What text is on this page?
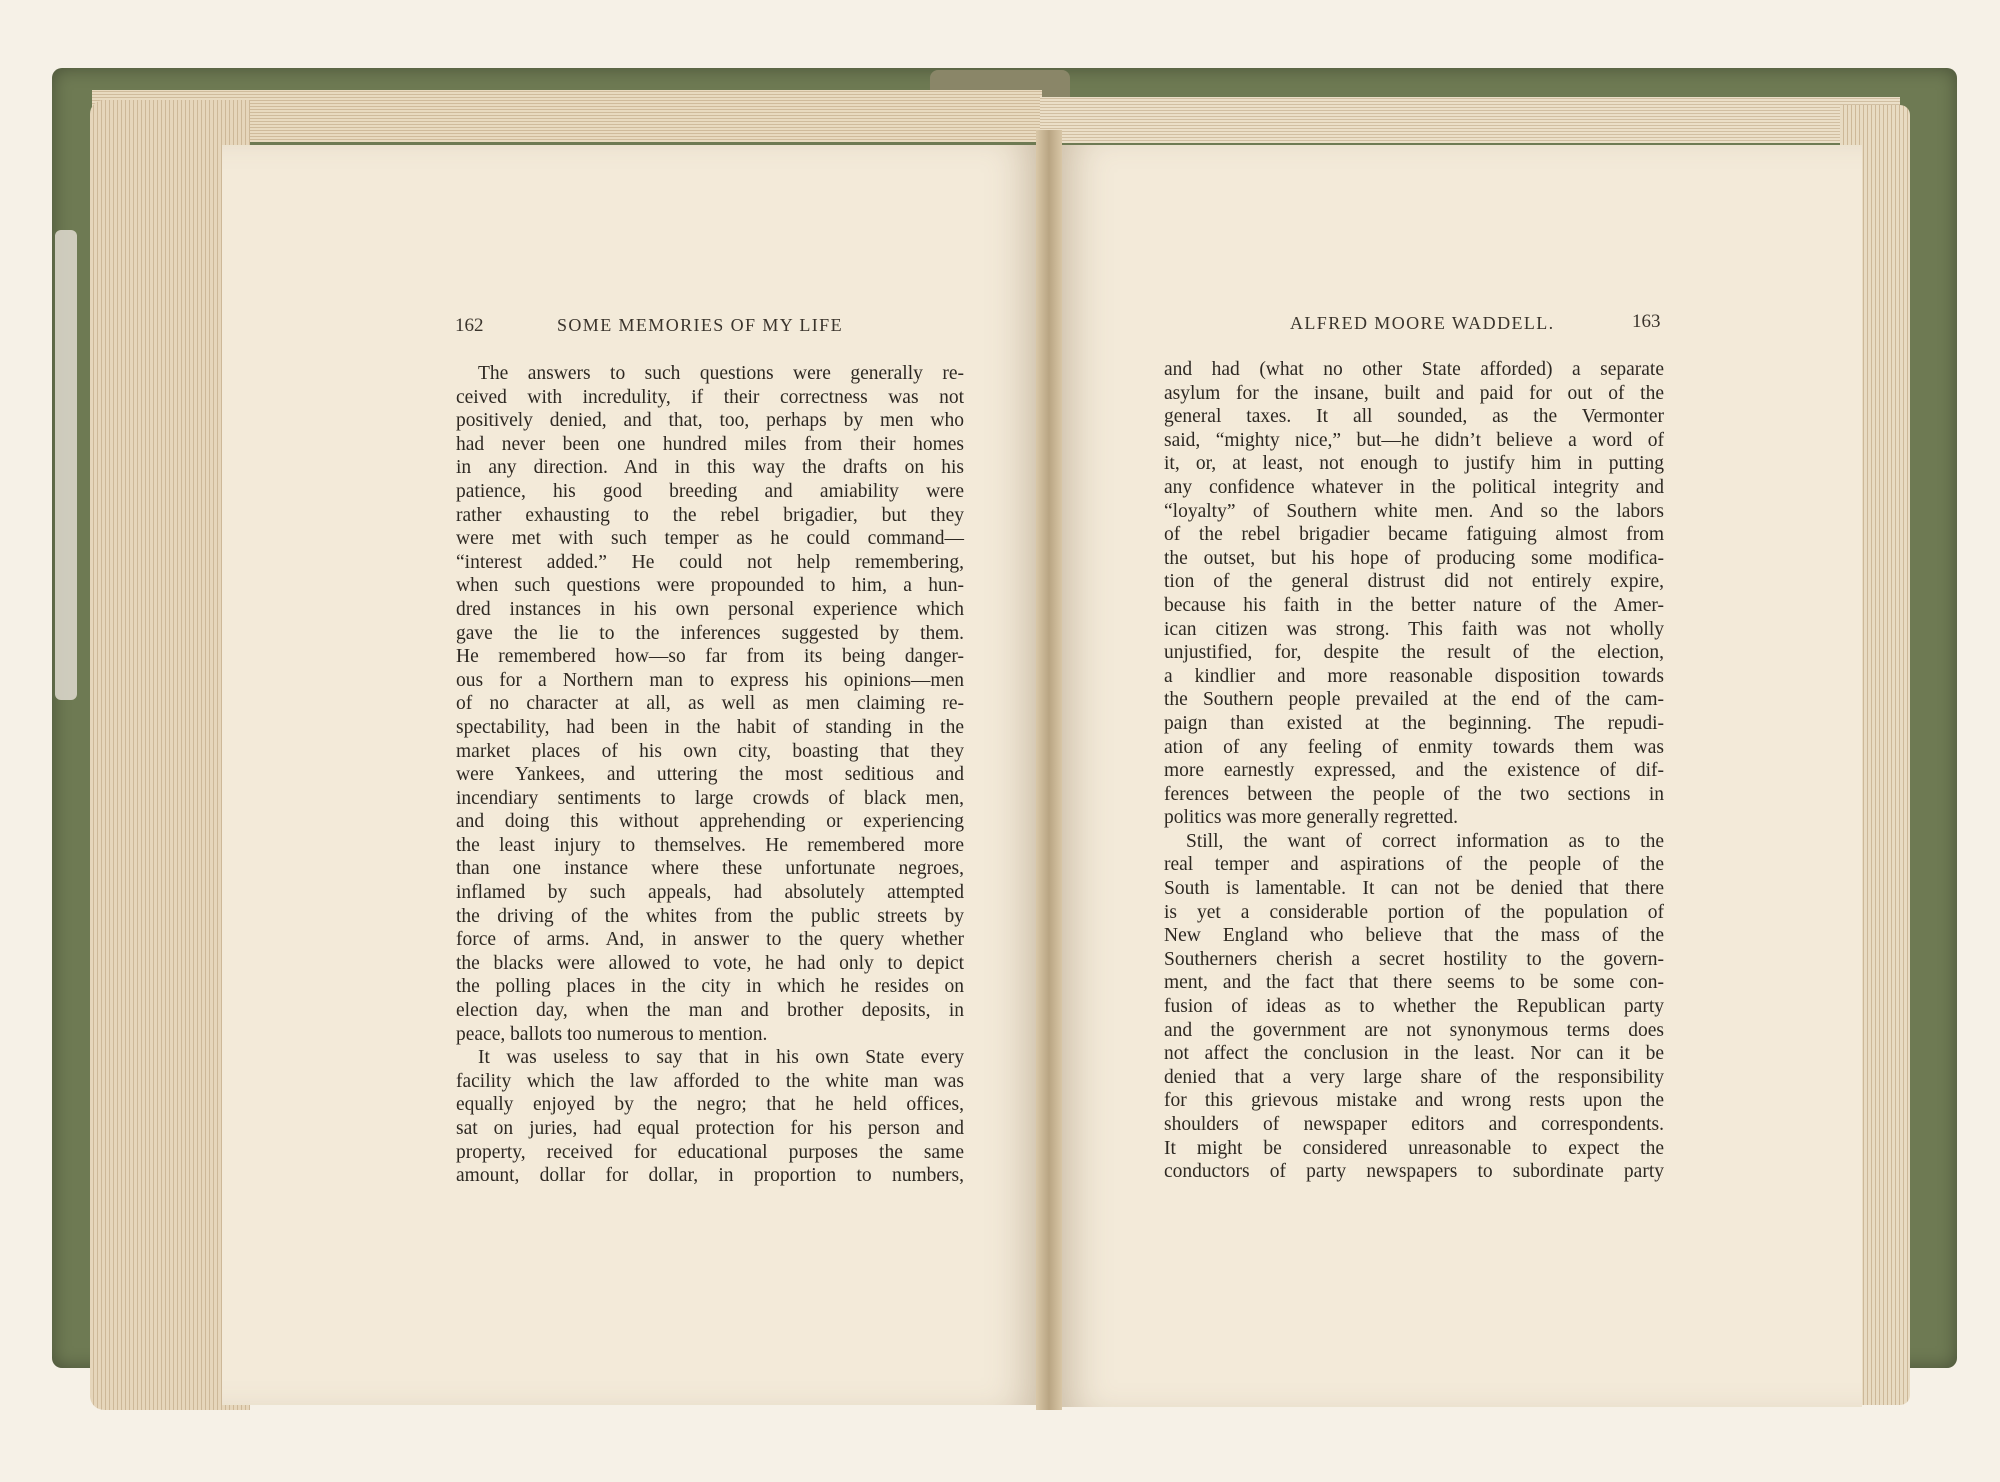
162	SOME MEMORIES OF MY LIFE
The answers to such questions were generally re-
ceived with incredulity, if their correctness was not
positively denied, and that, too, perhaps by men who
had never been one hundred miles from their homes
in any direction. And in this way the drafts on his
patience, his good breeding and amiability were
rather exhausting to the rebel brigadier, but they
were met with such temper as he could command—
“interest added.” He could not help remembering,
when such questions were propounded to him, a hun-
dred instances in his own personal experience which
gave the lie to the inferences suggested by them.
He remembered how—so far from its being danger-
ous for a Northern man to express his opinions—men
of no character at all, as well as men claiming re-
spectability, had been in the habit of standing in the
market places of his own city, boasting that they
were Yankees, and uttering the most seditious and
incendiary sentiments to large crowds of black men,
and doing this without apprehending or experiencing
the least injury to themselves. He remembered more
than one instance where these unfortunate negroes,
inflamed by such appeals, had absolutely attempted
the driving of the whites from the public streets by
force of arms. And, in answer to the query whether
the blacks were allowed to vote, he had only to depict
the polling places in the city in which he resides on
election day, when the man and brother deposits, in
peace, ballots too numerous to mention.
It was useless to say that in his own State every
facility which the law afforded to the white man was
equally enjoyed by the negro; that he held offices,
sat on juries, had equal protection for his person and
property, received for educational purposes the same
amount, dollar for dollar, in proportion to numbers,
ALFRED MOORE WADDELL.	163
and had (what no other State afforded) a separate
asylum for the insane, built and paid for out of the
general taxes. It all sounded, as the Vermonter
said, “mighty nice,” but—he didn’t believe a word of
it, or, at least, not enough to justify him in putting
any confidence whatever in the political integrity and
“loyalty” of Southern white men. And so the labors
of the rebel brigadier became fatiguing almost from
the outset, but his hope of producing some modifica-
tion of the general distrust did not entirely expire,
because his faith in the better nature of the Amer-
ican citizen was strong. This faith was not wholly
unjustified, for, despite the result of the election,
a kindlier and more reasonable disposition towards
the Southern people prevailed at the end of the cam-
paign than existed at the beginning. The repudi-
ation of any feeling of enmity towards them was
more earnestly expressed, and the existence of dif-
ferences between the people of the two sections in
politics was more generally regretted.
Still, the want of correct information as to the
real temper and aspirations of the people of the
South is lamentable. It can not be denied that there
is yet a considerable portion of the population of
New England who believe that the mass of the
Southerners cherish a secret hostility to the govern-
ment, and the fact that there seems to be some con-
fusion of ideas as to whether the Republican party
and the government are not synonymous terms does
not affect the conclusion in the least. Nor can it be
denied that a very large share of the responsibility
for this grievous mistake and wrong rests upon the
shoulders of newspaper editors and correspondents.
It might be considered unreasonable to expect the
conductors of party newspapers to subordinate party
